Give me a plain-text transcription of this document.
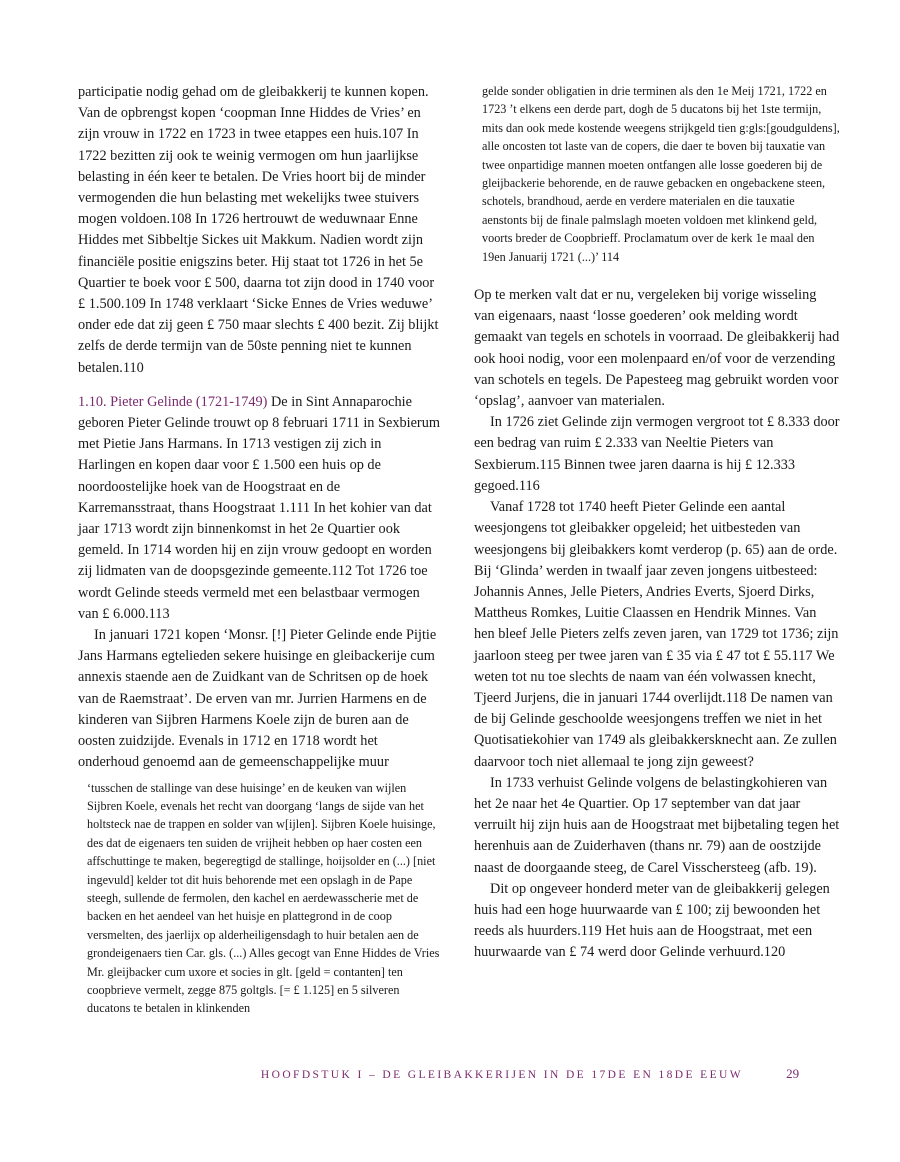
participatie nodig gehad om de gleibakkerij te kunnen kopen. Van de opbrengst kopen ‘coopman Inne Hiddes de Vries’ en zijn vrouw in 1722 en 1723 in twee etappes een huis.107 In 1722 bezitten zij ook te weinig vermogen om hun jaarlijkse belasting in één keer te betalen. De Vries hoort bij de minder vermogenden die hun belasting met wekelijks twee stuivers mogen voldoen.108 In 1726 hertrouwt de weduwnaar Enne Hiddes met Sibbeltje Sickes uit Makkum. Nadien wordt zijn financiële positie enigszins beter. Hij staat tot 1726 in het 5e Quartier te boek voor £ 500, daarna tot zijn dood in 1740 voor £ 1.500.109 In 1748 verklaart ‘Sicke Ennes de Vries weduwe’ onder ede dat zij geen £ 750 maar slechts £ 400 bezit. Zij blijkt zelfs de derde termijn van de 50ste penning niet te kunnen betalen.110

1.10. Pieter Gelinde (1721-1749) De in Sint Annaparochie geboren Pieter Gelinde trouwt op 8 februari 1711 in Sexbierum met Pietie Jans Harmans. In 1713 vestigen zij zich in Harlingen en kopen daar voor £ 1.500 een huis op de noordoostelijke hoek van de Hoogstraat en de Karremansstraat, thans Hoogstraat 1.111 In het kohier van dat jaar 1713 wordt zijn binnenkomst in het 2e Quartier ook gemeld. In 1714 worden hij en zijn vrouw gedoopt en worden zij lidmaten van de doopsgezinde gemeente.112 Tot 1726 toe wordt Gelinde steeds vermeld met een belastbaar vermogen van £ 6.000.113

In januari 1721 kopen ‘Monsr. [!] Pieter Gelinde ende Pijtie Jans Harmans egtelieden sekere huisinge en gleibackerije cum annexis staende aen de Zuidkant van de Schritsen op de hoek van de Raemstraat’. De erven van mr. Jurrien Harmens en de kinderen van Sijbren Harmens Koele zijn de buren aan de oosten zuidzijde. Evenals in 1712 en 1718 wordt het onderhoud genoemd aan de gemeenschappelijke muur

‘tusschen de stallinge van dese huisinge’ en de keuken van wijlen Sijbren Koele, evenals het recht van doorgang ‘langs de sijde van het holtsteck nae de trappen en solder van w[ijlen]. Sijbren Koele huisinge, des dat de eigenaers ten suiden de vrijheit hebben op haer costen een affschuttinge te maken, begeregtigd de stallinge, hoijsolder en (...) [niet ingevuld] kelder tot dit huis behorende met een opslagh in de Pape steegh, sullende de fermolen, den kachel en aerdewasscherie met de backen en het aendeel van het huisje en plattegrond in de coop versmelten, des jaerlijx op alderheiligensdagh to huir betalen aen de grondeigenaers tien Car. gls. (...) Alles gecogt van Enne Hiddes de Vries Mr. gleijbacker cum uxore et socies in glt. [geld = contanten] ten coopbrieve vermelt, zegge 875 goltgls. [= £ 1.125] en 5 silveren ducatons te betalen in klinkenden

gelde sonder obligatien in drie terminen als den 1e Meij 1721, 1722 en 1723 ’t elkens een derde part, dogh de 5 ducatons bij het 1ste termijn, mits dan ook mede kostende weegens strijkgeld tien g:gls:[goudguldens], alle oncosten tot laste van de copers, die daer te boven bij tauxatie van twee onpartidige mannen moeten ontfangen alle losse goederen bij de gleijbackerie behorende, en de rauwe gebacken en ongebackene steen, schotels, brandhoud, aerde en verdere materialen en die tauxatie aenstonts bij de finale palmslagh moeten voldoen met klinkend geld, voorts breder de Coopbrieff. Proclamatum over de kerk 1e maal den 19en Januarij 1721 (...)’ 114

Op te merken valt dat er nu, vergeleken bij vorige wisseling van eigenaars, naast ‘losse goederen’ ook melding wordt gemaakt van tegels en schotels in voorraad. De gleibakkerij had ook hooi nodig, voor een molenpaard en/of voor de verzending van schotels en tegels. De Papesteeg mag gebruikt worden voor ‘opslag’, aanvoer van materialen.

In 1726 ziet Gelinde zijn vermogen vergroot tot £ 8.333 door een bedrag van ruim £ 2.333 van Neeltie Pieters van Sexbierum.115 Binnen twee jaren daarna is hij £ 12.333 gegoed.116

Vanaf 1728 tot 1740 heeft Pieter Gelinde een aantal weesjongens tot gleibakker opgeleid; het uitbesteden van weesjongens bij gleibakkers komt verderop (p. 65) aan de orde. Bij ‘Glinda’ werden in twaalf jaar zeven jongens uitbesteed: Johannis Annes, Jelle Pieters, Andries Everts, Sjoerd Dirks, Mattheus Romkes, Luitie Claassen en Hendrik Minnes. Van hen bleef Jelle Pieters zelfs zeven jaren, van 1729 tot 1736; zijn jaarloon steeg per twee jaren van £ 35 via £ 47 tot £ 55.117 We weten tot nu toe slechts de naam van één volwassen knecht, Tjeerd Jurjens, die in januari 1744 overlijdt.118 De namen van de bij Gelinde geschoolde weesjongens treffen we niet in het Quotisatiekohier van 1749 als gleibakkersknecht aan. Ze zullen daarvoor toch niet allemaal te jong zijn geweest?

In 1733 verhuist Gelinde volgens de belastingkohieren van het 2e naar het 4e Quartier. Op 17 september van dat jaar verruilt hij zijn huis aan de Hoogstraat met bijbetaling tegen het herenhuis aan de Zuiderhaven (thans nr. 79) aan de oostzijde naast de doorgaande steeg, de Carel Visschersteeg (afb. 19).

Dit op ongeveer honderd meter van de gleibakkerij gelegen huis had een hoge huurwaarde van £ 100; zij bewoonden het reeds als huurders.119 Het huis aan de Hoogstraat, met een huurwaarde van £ 74 werd door Gelinde verhuurd.120

HOOFDSTUK I – DE GLEIBAKKERIJEN IN DE 17DE EN 18DE EEUW	29
